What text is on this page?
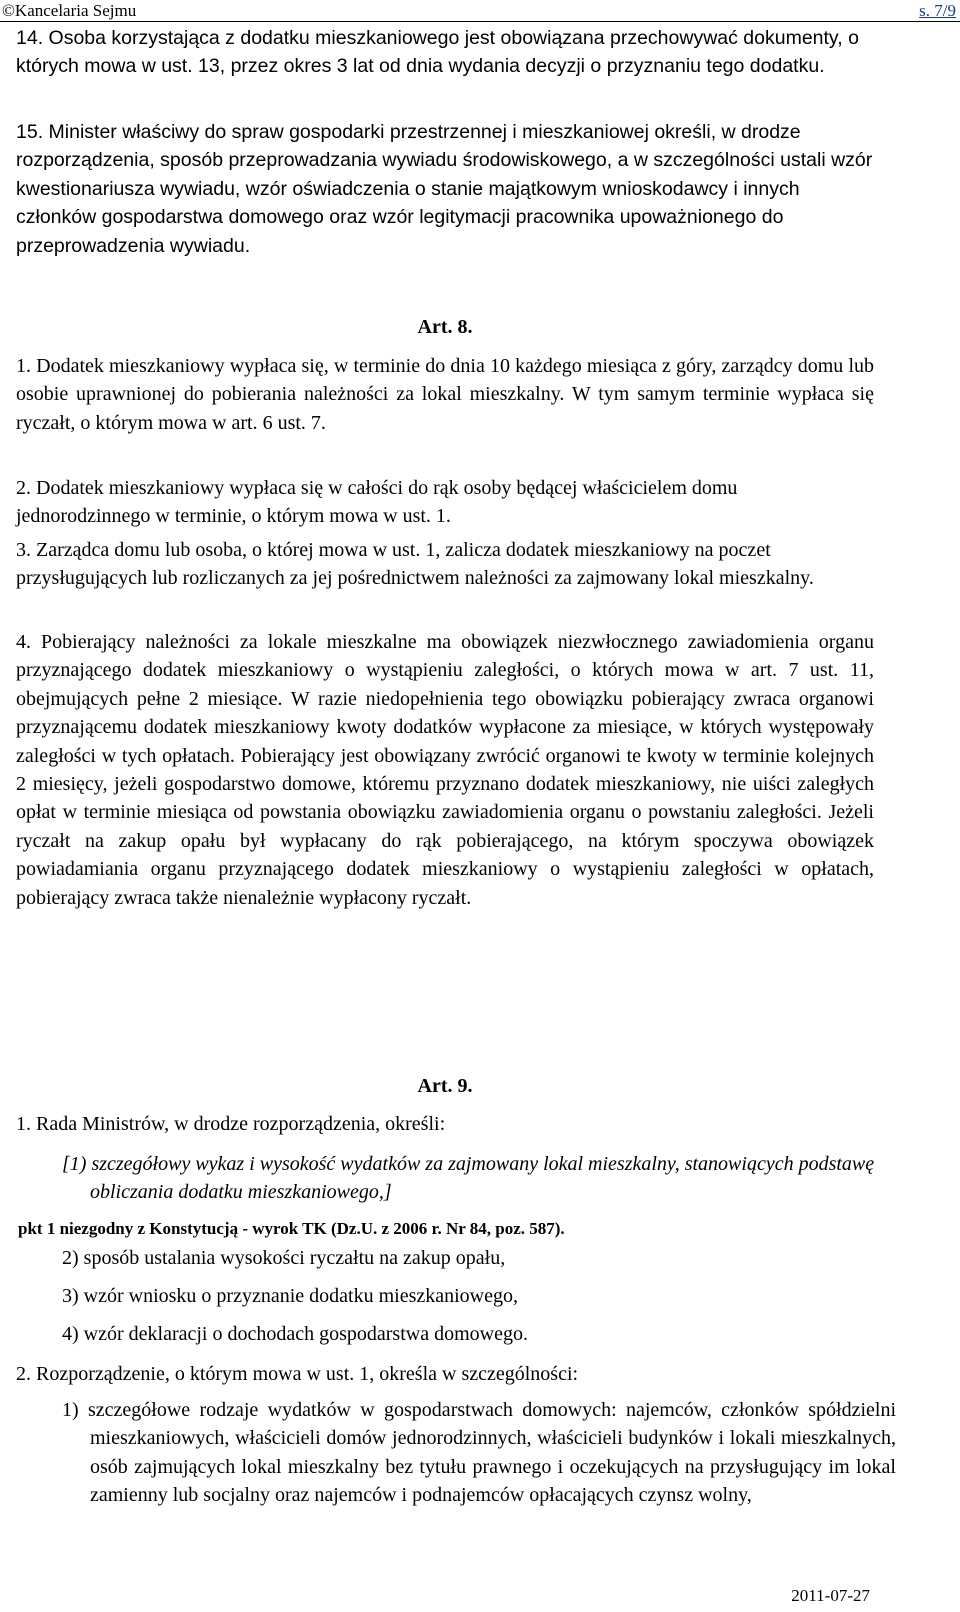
©Kancelaria Sejmu	s. 7/9
14. Osoba korzystająca z dodatku mieszkaniowego jest obowiązana przechowywać dokumenty, o których mowa w ust. 13, przez okres 3 lat od dnia wydania decyzji o przyznaniu tego dodatku.
15. Minister właściwy do spraw gospodarki przestrzennej i mieszkaniowej określi, w drodze rozporządzenia, sposób przeprowadzania wywiadu środowiskowego, a w szczególności ustali wzór kwestionariusza wywiadu, wzór oświadczenia o stanie majątkowym wnioskodawcy i innych członków gospodarstwa domowego oraz wzór legitymacji pracownika upoważnionego do przeprowadzenia wywiadu.
Art. 8.
1. Dodatek mieszkaniowy wypłaca się, w terminie do dnia 10 każdego miesiąca z góry, zarządcy domu lub osobie uprawnionej do pobierania należności za lokal mieszkalny. W tym samym terminie wypłaca się ryczałt, o którym mowa w art. 6 ust. 7.
2. Dodatek mieszkaniowy wypłaca się w całości do rąk osoby będącej właścicielem domu jednorodzinnego w terminie, o którym mowa w ust. 1.
3. Zarządca domu lub osoba, o której mowa w ust. 1, zalicza dodatek mieszkaniowy na poczet przysługujących lub rozliczanych za jej pośrednictwem należności za zajmowany lokal mieszkalny.
4. Pobierający należności za lokale mieszkalne ma obowiązek niezwłocznego zawiadomienia organu przyznającego dodatek mieszkaniowy o wystąpieniu zaległości, o których mowa w art. 7 ust. 11, obejmujących pełne 2 miesiące. W razie niedopełnienia tego obowiązku pobierający zwraca organowi przyznającemu dodatek mieszkaniowy kwoty dodatków wypłacone za miesiące, w których występowały zaległości w tych opłatach. Pobierający jest obowiązany zwrócić organowi te kwoty w terminie kolejnych 2 miesięcy, jeżeli gospodarstwo domowe, któremu przyznano dodatek mieszkaniowy, nie uiści zaległych opłat w terminie miesiąca od powstania obowiązku zawiadomienia organu o powstaniu zaległości. Jeżeli ryczałt na zakup opału był wypłacany do rąk pobierającego, na którym spoczywa obowiązek powiadamiania organu przyznającego dodatek mieszkaniowy o wystąpieniu zaległości w opłatach, pobierający zwraca także nienależnie wypłacony ryczałt.
Art. 9.
1. Rada Ministrów, w drodze rozporządzenia, określi:
[1) szczegółowy wykaz i wysokość wydatków za zajmowany lokal mieszkalny, stanowiących podstawę obliczania dodatku mieszkaniowego,]
pkt 1 niezgodny z Konstytucją - wyrok TK (Dz.U. z 2006 r. Nr 84, poz. 587).
2) sposób ustalania wysokości ryczałtu na zakup opału,
3) wzór wniosku o przyznanie dodatku mieszkaniowego,
4) wzór deklaracji o dochodach gospodarstwa domowego.
2. Rozporządzenie, o którym mowa w ust. 1, określa w szczególności:
1) szczegółowe rodzaje wydatków w gospodarstwach domowych: najemców, członków spółdzielni mieszkaniowych, właścicieli domów jednorodzinnych, właścicieli budynków i lokali mieszkalnych, osób zajmujących lokal mieszkalny bez tytułu prawnego i oczekujących na przysługujący im lokal zamienny lub socjalny oraz najemców i podnajemców opłacających czynsz wolny,
2011-07-27
